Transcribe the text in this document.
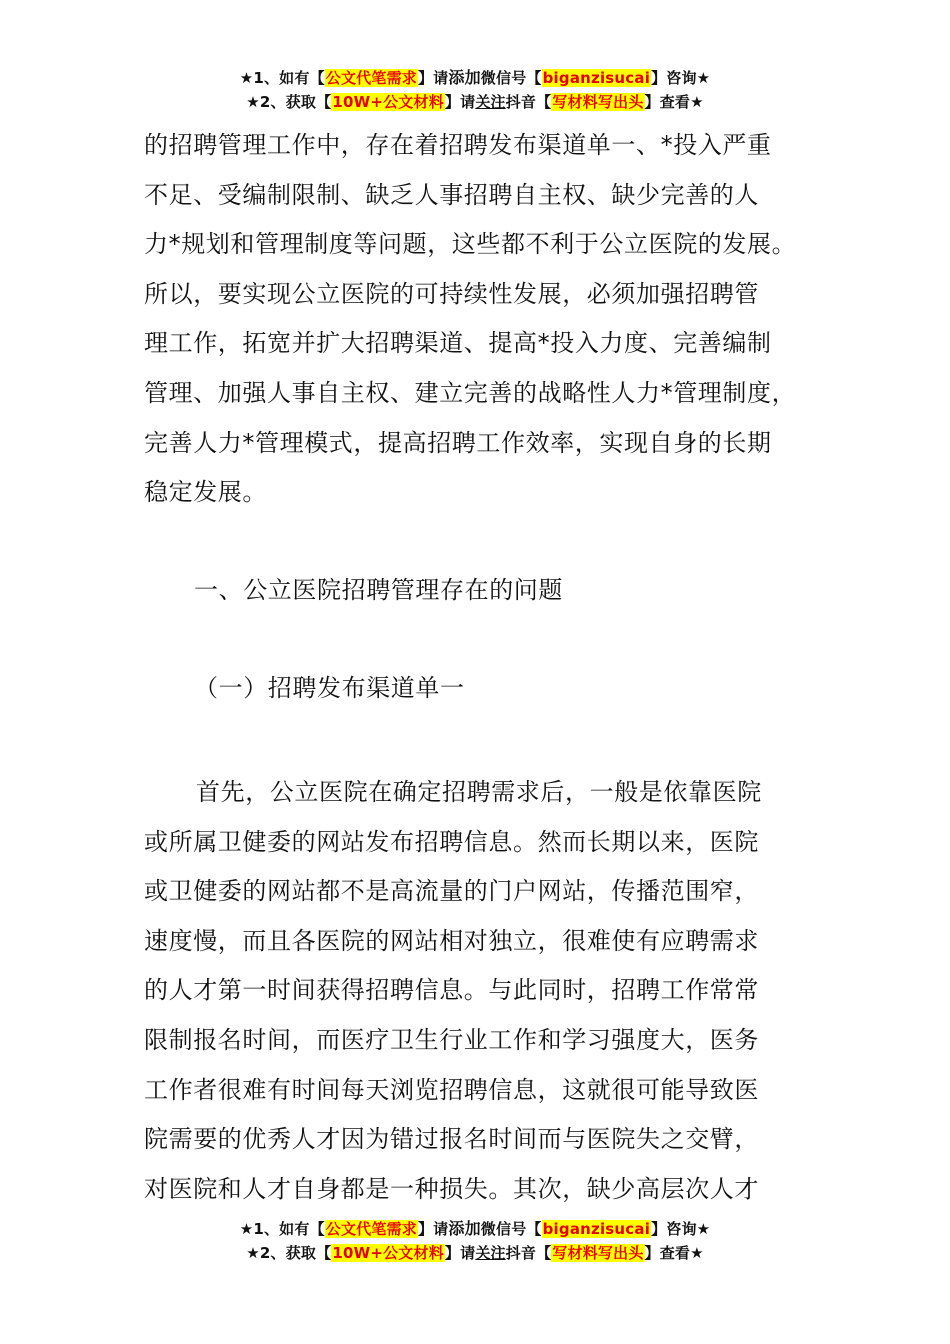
★1、如有【公文代笔需求】请添加微信号【biganzisucai】咨询★
★2、获取【10W+公文材料】请关注抖音【写材料写出头】查看★

的招聘管理工作中，存在着招聘发布渠道单一、*投入严重

不足、受编制限制、缺乏人事招聘自主权、缺少完善的人

力*规划和管理制度等问题，这些都不利于公立医院的发展。

所以，要实现公立医院的可持续性发展，必须加强招聘管

理工作，拓宽并扩大招聘渠道、提高*投入力度、完善编制

管理、加强人事自主权、建立完善的战略性人力*管理制度，

完善人力*管理模式，提高招聘工作效率，实现自身的长期

稳定发展。

一、公立医院招聘管理存在的问题
（一）招聘发布渠道单一

首先，公立医院在确定招聘需求后，一般是依靠医院

或所属卫健委的网站发布招聘信息。然而长期以来，医院

或卫健委的网站都不是高流量的门户网站，传播范围窄，

速度慢，而且各医院的网站相对独立，很难使有应聘需求

的人才第一时间获得招聘信息。与此同时，招聘工作常常

限制报名时间，而医疗卫生行业工作和学习强度大，医务

工作者很难有时间每天浏览招聘信息，这就很可能导致医

院需要的优秀人才因为错过报名时间而与医院失之交臂，

对医院和人才自身都是一种损失。其次，缺少高层次人才

★1、如有【公文代笔需求】请添加微信号【biganzisucai】咨询★
★2、获取【10W+公文材料】请关注抖音【写材料写出头】查看★
